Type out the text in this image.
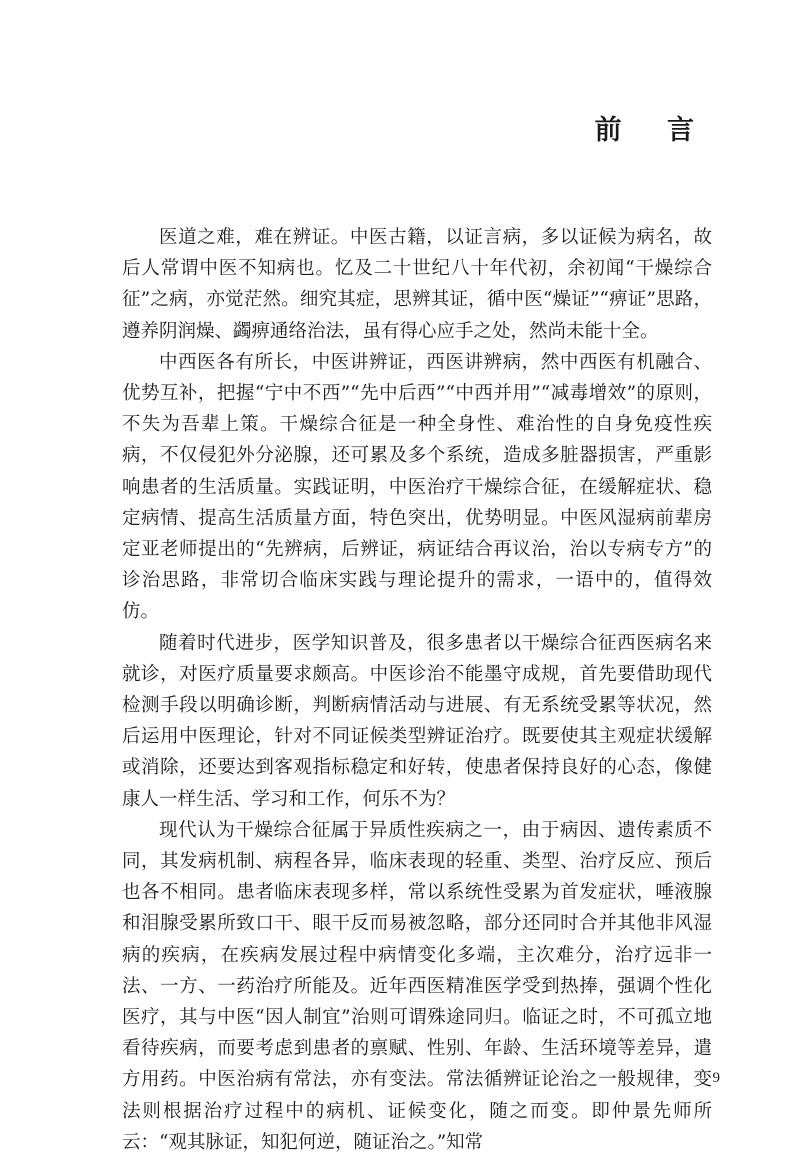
前 言

医道之难，难在辨证。中医古籍，以证言病，多以证候为病名，故后人常谓中医不知病也。忆及二十世纪八十年代初，余初闻“干燥综合征”之病，亦觉茫然。细究其症，思辨其证，循中医“燥证”“痹证”思路，遵养阴润燥、蠲痹通络治法，虽有得心应手之处，然尚未能十全。

中西医各有所长，中医讲辨证，西医讲辨病，然中西医有机融合、优势互补，把握“宁中不西”“先中后西”“中西并用”“减毒增效”的原则，不失为吾辈上策。干燥综合征是一种全身性、难治性的自身免疫性疾病，不仅侵犯外分泌腺，还可累及多个系统，造成多脏器损害，严重影响患者的生活质量。实践证明，中医治疗干燥综合征，在缓解症状、稳定病情、提高生活质量方面，特色突出，优势明显。中医风湿病前辈房定亚老师提出的“先辨病，后辨证，病证结合再议治，治以专病专方”的诊治思路，非常切合临床实践与理论提升的需求，一语中的，值得效仿。

随着时代进步，医学知识普及，很多患者以干燥综合征西医病名来就诊，对医疗质量要求颇高。中医诊治不能墨守成规，首先要借助现代检测手段以明确诊断，判断病情活动与进展、有无系统受累等状况，然后运用中医理论，针对不同证候类型辨证治疗。既要使其主观症状缓解或消除，还要达到客观指标稳定和好转，使患者保持良好的心态，像健康人一样生活、学习和工作，何乐不为？

现代认为干燥综合征属于异质性疾病之一，由于病因、遗传素质不同，其发病机制、病程各异，临床表现的轻重、类型、治疗反应、预后也各不相同。患者临床表现多样，常以系统性受累为首发症状，唾液腺和泪腺受累所致口干、眼干反而易被忽略，部分还同时合并其他非风湿病的疾病，在疾病发展过程中病情变化多端，主次难分，治疗远非一法、一方、一药治疗所能及。近年西医精准医学受到热捧，强调个性化医疗，其与中医“因人制宜”治则可谓殊途同归。临证之时，不可孤立地看待疾病，而要考虑到患者的禀赋、性别、年龄、生活环境等差异，遣方用药。中医治病有常法，亦有变法。常法循辨证论治之一般规律，变法则根据治疗过程中的病机、证候变化，随之而变。即仲景先师所云：“观其脉证，知犯何逆，随证治之。”知常

9
